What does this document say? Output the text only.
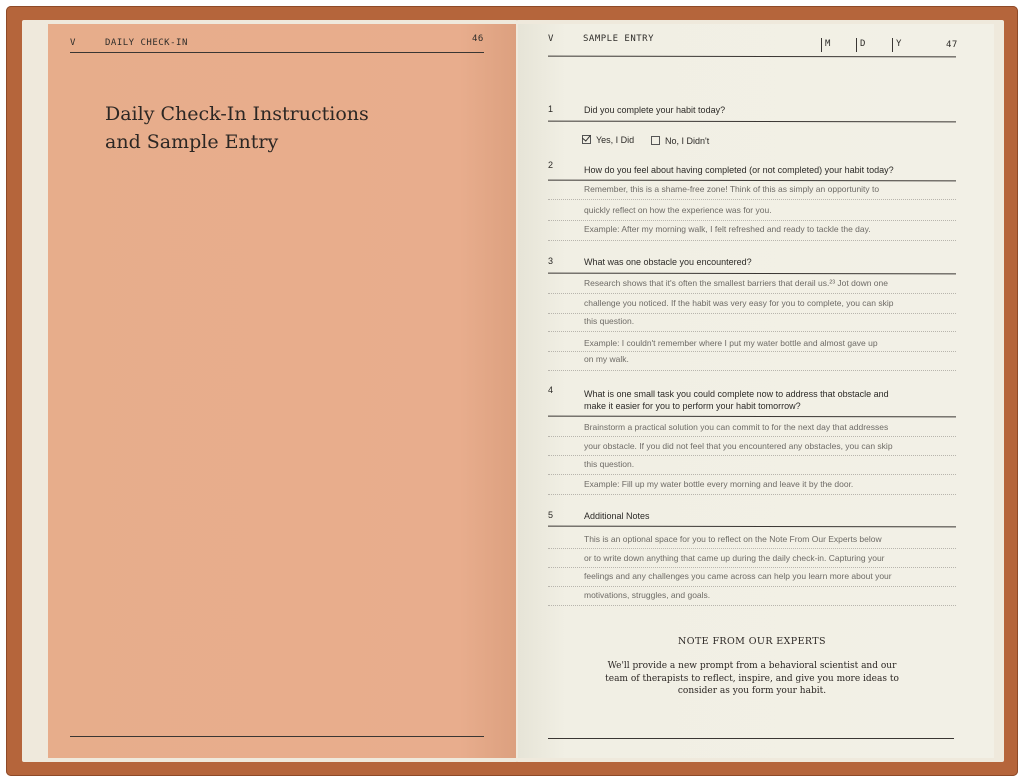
V	DAILY CHECK-IN	46
Daily Check-In Instructions
and Sample Entry
V	SAMPLE ENTRY	M	D	Y	47
1	Did you complete your habit today?
Yes, I Did	No, I Didn't
2	How do you feel about having completed (or not completed) your habit today?
Remember, this is a shame-free zone! Think of this as simply an opportunity to
quickly reflect on how the experience was for you.
Example: After my morning walk, I felt refreshed and ready to tackle the day.
3	What was one obstacle you encountered?
Research shows that it's often the smallest barriers that derail us.²³ Jot down one
challenge you noticed. If the habit was very easy for you to complete, you can skip
this question.
Example: I couldn't remember where I put my water bottle and almost gave up
on my walk.
4	What is one small task you could complete now to address that obstacle and
make it easier for you to perform your habit tomorrow?
Brainstorm a practical solution you can commit to for the next day that addresses
your obstacle. If you did not feel that you encountered any obstacles, you can skip
this question.
Example: Fill up my water bottle every morning and leave it by the door.
5	Additional Notes
This is an optional space for you to reflect on the Note From Our Experts below
or to write down anything that came up during the daily check-in. Capturing your
feelings and any challenges you came across can help you learn more about your
motivations, struggles, and goals.
NOTE FROM OUR EXPERTS
We'll provide a new prompt from a behavioral scientist and our
team of therapists to reflect, inspire, and give you more ideas to
consider as you form your habit.
